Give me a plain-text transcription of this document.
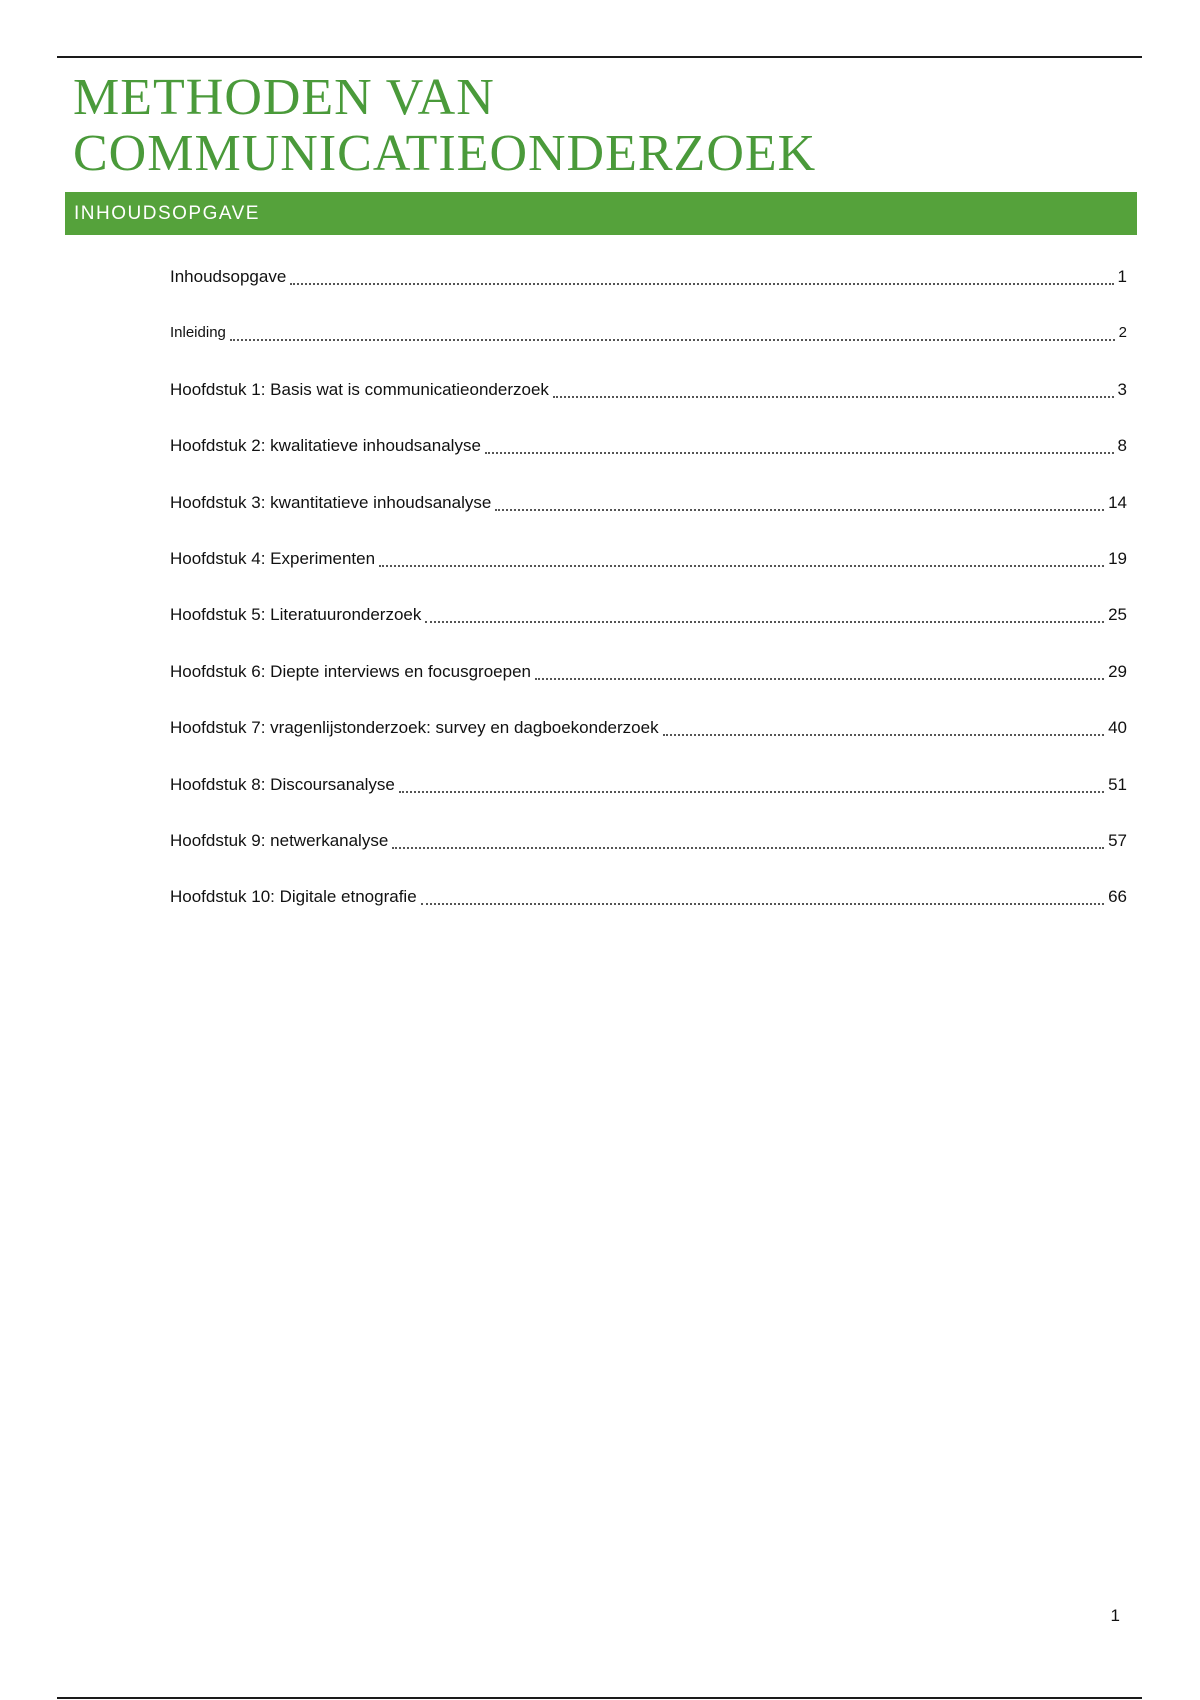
METHODEN VAN
COMMUNICATIEONDERZOEK
INHOUDSOPGAVE
Inhoudsopgave	1
Inleiding	2
Hoofdstuk 1: Basis wat is communicatieonderzoek	3
Hoofdstuk 2: kwalitatieve inhoudsanalyse	8
Hoofdstuk 3: kwantitatieve inhoudsanalyse	14
Hoofdstuk 4: Experimenten	19
Hoofdstuk 5: Literatuuronderzoek	25
Hoofdstuk 6: Diepte interviews en focusgroepen	29
Hoofdstuk 7: vragenlijstonderzoek: survey en dagboekonderzoek	40
Hoofdstuk 8: Discoursanalyse	51
Hoofdstuk 9: netwerkanalyse	57
Hoofdstuk 10: Digitale etnografie	66
1
